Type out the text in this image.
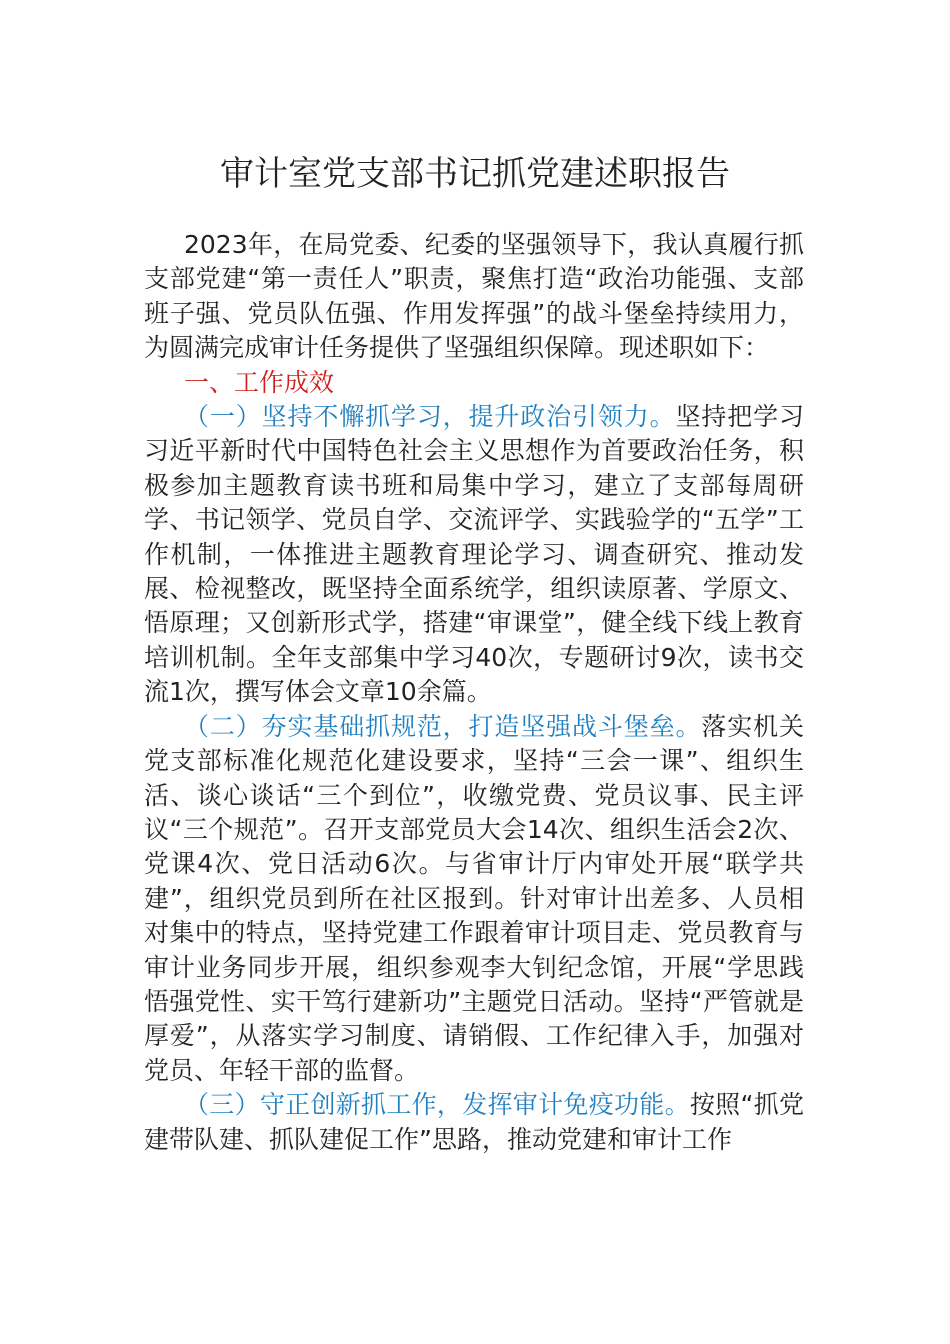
审计室党支部书记抓党建述职报告

2023年，在局党委、纪委的坚强领导下，我认真履行抓支部党建“第一责任人”职责，聚焦打造“政治功能强、支部班子强、党员队伍强、作用发挥强”的战斗堡垒持续用力，为圆满完成审计任务提供了坚强组织保障。现述职如下：

一、工作成效

（一）坚持不懈抓学习，提升政治引领力。坚持把学习习近平新时代中国特色社会主义思想作为首要政治任务，积极参加主题教育读书班和局集中学习，建立了支部每周研学、书记领学、党员自学、交流评学、实践验学的“五学”工作机制，一体推进主题教育理论学习、调查研究、推动发展、检视整改，既坚持全面系统学，组织读原著、学原文、悟原理；又创新形式学，搭建“审课堂”，健全线下线上教育培训机制。全年支部集中学习40次，专题研讨9次，读书交流1次，撰写体会文章10余篇。

（二）夯实基础抓规范，打造坚强战斗堡垒。落实机关党支部标准化规范化建设要求，坚持“三会一课”、组织生活、谈心谈话“三个到位”，收缴党费、党员议事、民主评议“三个规范”。召开支部党员大会14次、组织生活会2次、党课4次、党日活动6次。与省审计厅内审处开展“联学共建”，组织党员到所在社区报到。针对审计出差多、人员相对集中的特点，坚持党建工作跟着审计项目走、党员教育与审计业务同步开展，组织参观李大钊纪念馆，开展“学思践悟强党性、实干笃行建新功”主题党日活动。坚持“严管就是厚爱”，从落实学习制度、请销假、工作纪律入手，加强对党员、年轻干部的监督。

（三）守正创新抓工作，发挥审计免疫功能。按照“抓党建带队建、抓队建促工作”思路，推动党建和审计工作
